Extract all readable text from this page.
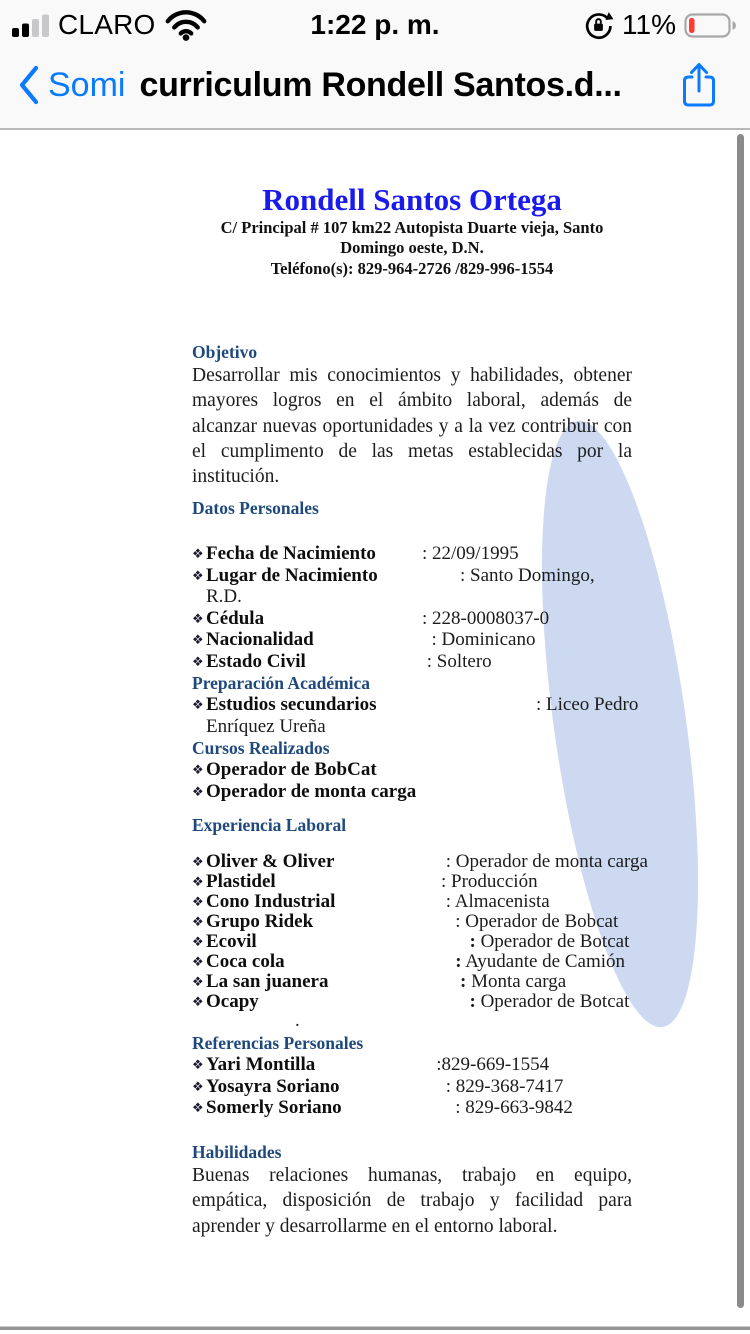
CLARO	1:22 p. m.	11%
Somi curriculum Rondell Santos.d...
Rondell Santos Ortega
C/ Principal # 107 km22 Autopista Duarte vieja, Santo
Domingo oeste, D.N.
Teléfono(s): 829-964-2726 /829-996-1554
Objetivo
Desarrollar mis conocimientos y habilidades, obtener mayores logros en el ámbito laboral, además de alcanzar nuevas oportunidades y a la vez contribuir con el cumplimento de las metas establecidas por la institución.
Datos Personales
❖ Fecha de Nacimiento : 22/09/1995
❖ Lugar de Nacimiento : Santo Domingo,
R.D.
❖ Cédula	: 228-0008037-0
❖ Nacionalidad	: Dominicano
❖ Estado Civil	: Soltero
Preparación Académica
❖ Estudios secundarios : Liceo Pedro
Enríquez Ureña
Cursos Realizados
❖ Operador de BobCat
❖ Operador de monta carga
Experiencia Laboral
❖ Oliver & Oliver	: Operador de monta carga
❖ Plastidel	: Producción
❖ Cono Industrial	: Almacenista
❖ Grupo Ridek	: Operador de Bobcat
❖ Ecovil	: Operador de Botcat
❖ Coca cola	: Ayudante de Camión
❖ La san juanera	: Monta carga
❖ Ocapy	: Operador de Botcat
.
Referencias Personales
❖ Yari Montilla	:829-669-1554
❖ Yosayra Soriano	: 829-368-7417
❖ Somerly Soriano	: 829-663-9842
Habilidades
Buenas relaciones humanas, trabajo en equipo, empática, disposición de trabajo y facilidad para aprender y desarrollarme en el entorno laboral.
